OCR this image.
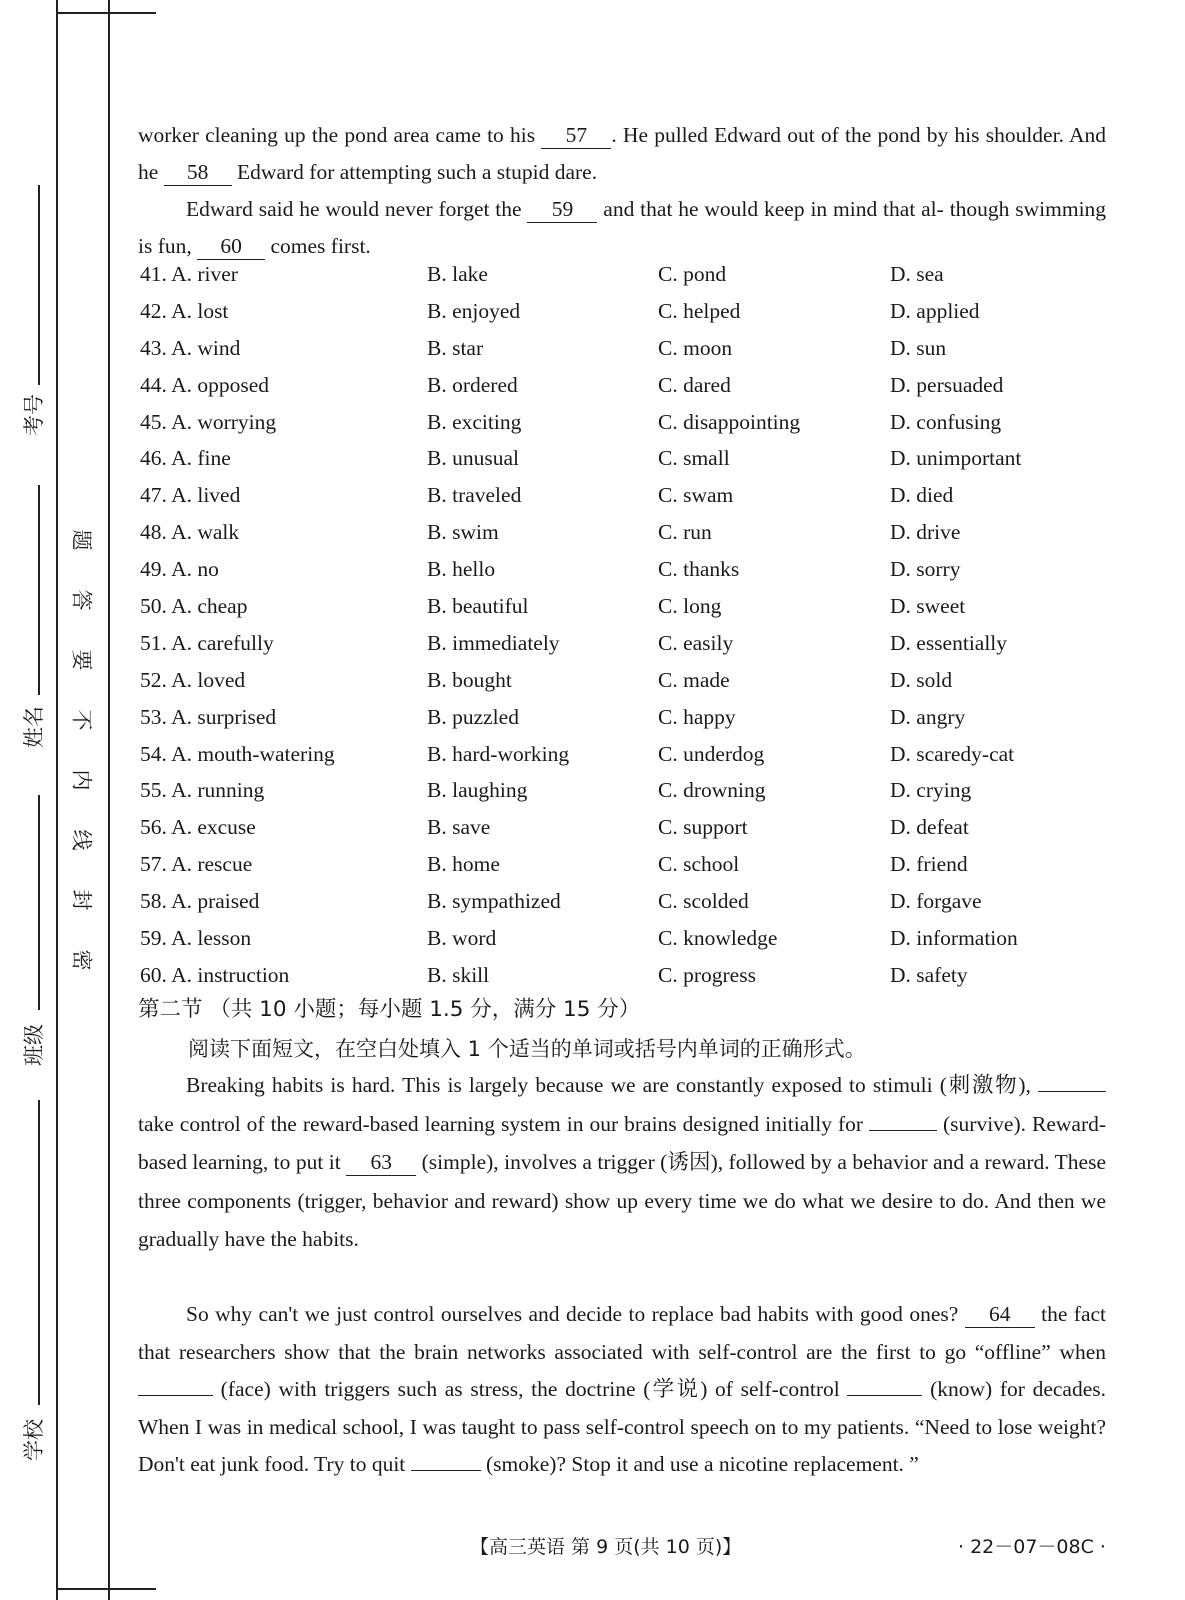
题
答
要
不
内
线
封
密
考号
姓名
班级
学校
worker cleaning up the pond area came to his 57 . He pulled Edward out of the pond by his shoulder. And he 58 Edward for attempting such a stupid dare.
Edward said he would never forget the 59 and that he would keep in mind that al- though swimming is fun, 60 comes first.
41. A. river	B. lake	C. pond	D. sea
42. A. lost	B. enjoyed	C. helped	D. applied
43. A. wind	B. star	C. moon	D. sun
44. A. opposed	B. ordered	C. dared	D. persuaded
45. A. worrying	B. exciting	C. disappointing	D. confusing
46. A. fine	B. unusual	C. small	D. unimportant
47. A. lived	B. traveled	C. swam	D. died
48. A. walk	B. swim	C. run	D. drive
49. A. no	B. hello	C. thanks	D. sorry
50. A. cheap	B. beautiful	C. long	D. sweet
51. A. carefully	B. immediately	C. easily	D. essentially
52. A. loved	B. bought	C. made	D. sold
53. A. surprised	B. puzzled	C. happy	D. angry
54. A. mouth-watering	B. hard-working	C. underdog	D. scaredy-cat
55. A. running	B. laughing	C. drowning	D. crying
56. A. excuse	B. save	C. support	D. defeat
57. A. rescue	B. home	C. school	D. friend
58. A. praised	B. sympathized	C. scolded	D. forgave
59. A. lesson	B. word	C. knowledge	D. information
60. A. instruction	B. skill	C. progress	D. safety
第二节 （共 10 小题；每小题 1.5 分，满分 15 分）
阅读下面短文，在空白处填入 1 个适当的单词或括号内单词的正确形式。
Breaking habits is hard. This is largely because we are constantly exposed to stimuli (刺激物),  take control of the reward-based learning system in our brains designed initially for	(survive). Reward-based learning, to put it 63 (simple), involves a trigger (诱因), followed by a behavior and a reward. These three components (trigger, behavior and reward) show up every time we do what we desire to do. And then we gradually have the habits.
So why can't we just control ourselves and decide to replace bad habits with good ones? 64 the fact that researchers show that the brain networks associated with self-control are the first to go “offline” when  (face) with triggers such as stress, the doctrine (学说) of self-control	(know) for decades. When I was in medical school, I was taught to pass self-control speech on to my patients. “Need to lose weight? Don't eat junk food. Try to quit	(smoke)? Stop it and use a nicotine replacement. ”
【高三英语 第 9 页(共 10 页)】	· 22－07－08C ·
